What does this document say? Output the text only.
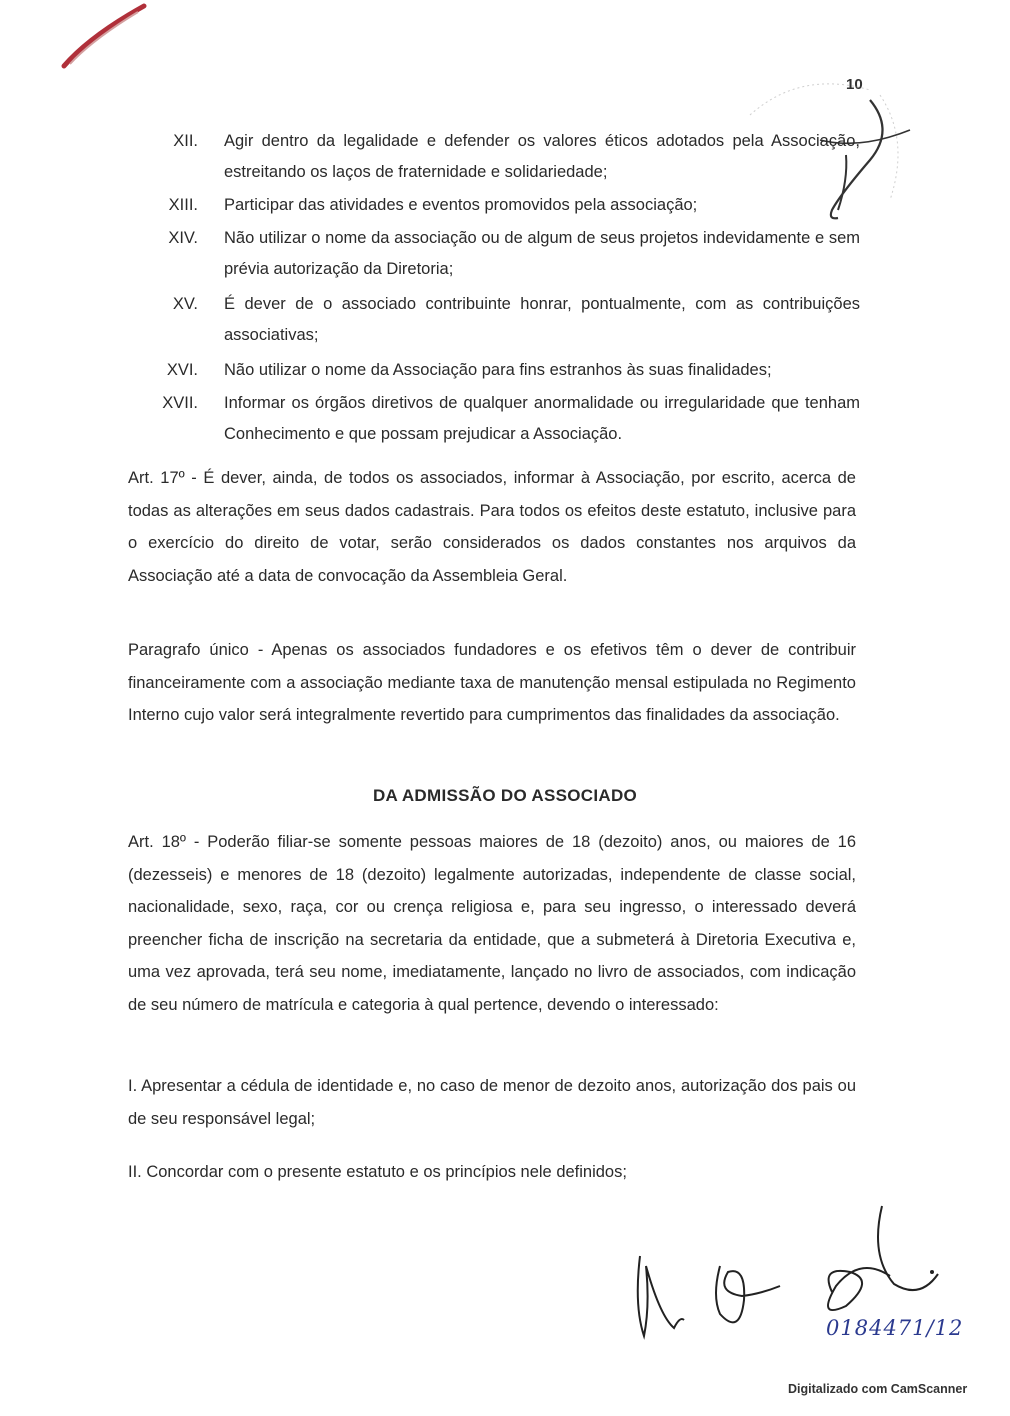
10
XII.	Agir dentro da legalidade e defender os valores éticos adotados pela Associação, estreitando os laços de fraternidade e solidariedade;
XIII.	Participar das atividades e eventos promovidos pela associação;
XIV.	Não utilizar o nome da associação ou de algum de seus projetos indevidamente e sem prévia autorização da Diretoria;
XV.	É dever de o associado contribuinte honrar, pontualmente, com as contribuições associativas;
XVI.	Não utilizar o nome da Associação para fins estranhos às suas finalidades;
XVII.	Informar os órgãos diretivos de qualquer anormalidade ou irregularidade que tenham Conhecimento e que possam prejudicar a Associação.

Art. 17º - É dever, ainda, de todos os associados, informar à Associação, por escrito, acerca de todas as alterações em seus dados cadastrais. Para todos os efeitos deste estatuto, inclusive para o exercício do direito de votar, serão considerados os dados constantes nos arquivos da Associação até a data de convocação da Assembleia Geral.

Paragrafo único - Apenas os associados fundadores e os efetivos têm o dever de contribuir financeiramente com a associação mediante taxa de manutenção mensal estipulada no Regimento Interno cujo valor será integralmente revertido para cumprimentos das finalidades da associação.

DA ADMISSÃO DO ASSOCIADO

Art. 18º - Poderão filiar-se somente pessoas maiores de 18 (dezoito) anos, ou maiores de 16 (dezesseis) e menores de 18 (dezoito) legalmente autorizadas, independente de classe social, nacionalidade, sexo, raça, cor ou crença religiosa e, para seu ingresso, o interessado deverá preencher ficha de inscrição na secretaria da entidade, que a submeterá à Diretoria Executiva e, uma vez aprovada, terá seu nome, imediatamente, lançado no livro de associados, com indicação de seu número de matrícula e categoria à qual pertence, devendo o interessado:

I. Apresentar a cédula de identidade e, no caso de menor de dezoito anos, autorização dos pais ou de seu responsável legal;

II. Concordar com o presente estatuto e os princípios nele definidos;

0184471/12
Digitalizado com CamScanner
